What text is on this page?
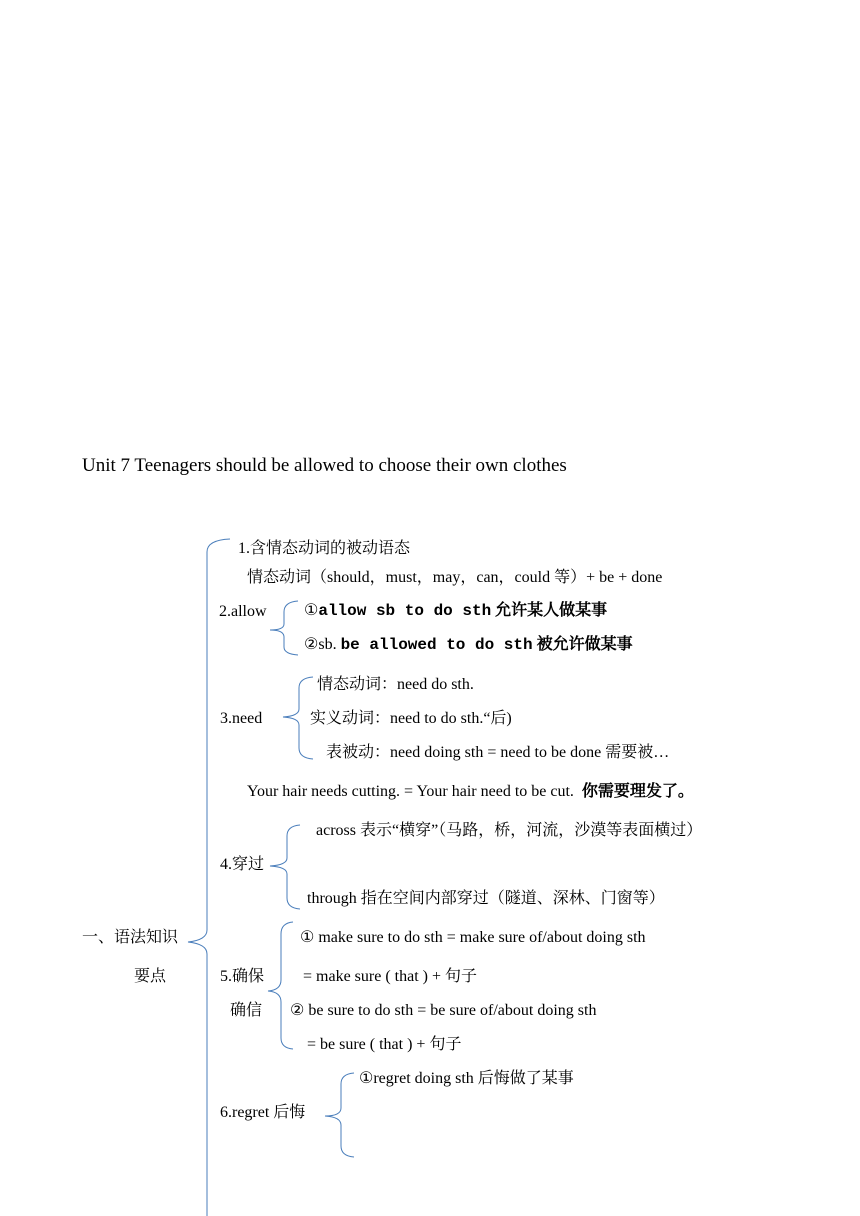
Unit 7 Teenagers should be allowed to choose their own clothes
一、语法知识
要点
1.含情态动词的被动语态
情态动词（should，must，may，can，could 等）+ be + done
2.allow ①allow sb to do sth 允许某人做某事
②sb. be allowed to do sth 被允许做某事
3.need
情态动词：need do sth.
实义动词：need to do sth.“后)
表被动：need doing sth = need to be done 需要被…
Your hair needs cutting. = Your hair need to be cut. 你需要理发了。
4.穿过
across 表示“横穿”（马路，桥，河流，沙漠等表面横过）
through 指在空间内部穿过（隧道、深林、门窗等）
5.确保
确信
① make sure to do sth = make sure of/about doing sth
= make sure ( that ) + 句子
② be sure to do sth = be sure of/about doing sth
= be sure ( that ) + 句子
6.regret 后悔
①regret doing sth 后悔做了某事
